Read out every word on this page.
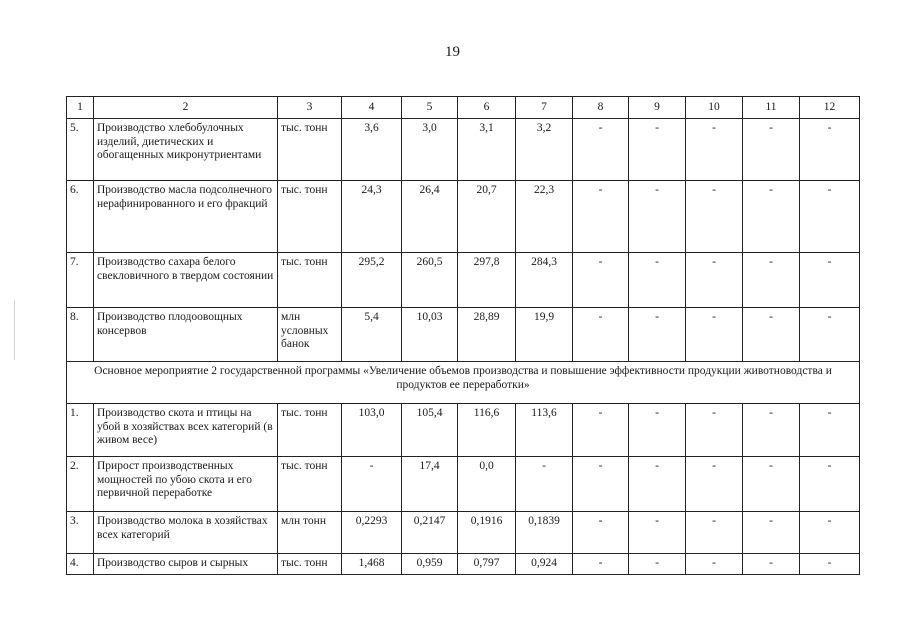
19
1	2	3	4	5	6	7	8	9	10	11	12
5.	Производство хлебобулочных изделий, диетических и обогащенных микронутриентами	тыс. тонн	3,6	3,0	3,1	3,2	-	-	-	-	-
6.	Производство масла подсолнечного нерафинированного и его фракций	тыс. тонн	24,3	26,4	20,7	22,3	-	-	-	-	-
7.	Производство сахара белого свекловичного в твердом состоянии	тыс. тонн	295,2	260,5	297,8	284,3	-	-	-	-	-
8.	Производство плодоовощных консервов	млн условных банок	5,4	10,03	28,89	19,9	-	-	-	-	-
Основное мероприятие 2 государственной программы «Увеличение объемов производства и повышение эффективности продукции животноводства и продуктов ее переработки»											
1.	Производство скота и птицы на убой в хозяйствах всех категорий (в живом весе)	тыс. тонн	103,0	105,4	116,6	113,6	-	-	-	-	-
2.	Прирост производственных мощностей по убою скота и его первичной переработке	тыс. тонн	-	17,4	0,0	-	-	-	-	-	-
3.	Производство молока в хозяйствах всех категорий	млн тонн	0,2293	0,2147	0,1916	0,1839	-	-	-	-	-
4.	Производство сыров и сырных	тыс. тонн	1,468	0,959	0,797	0,924	-	-	-	-	-
